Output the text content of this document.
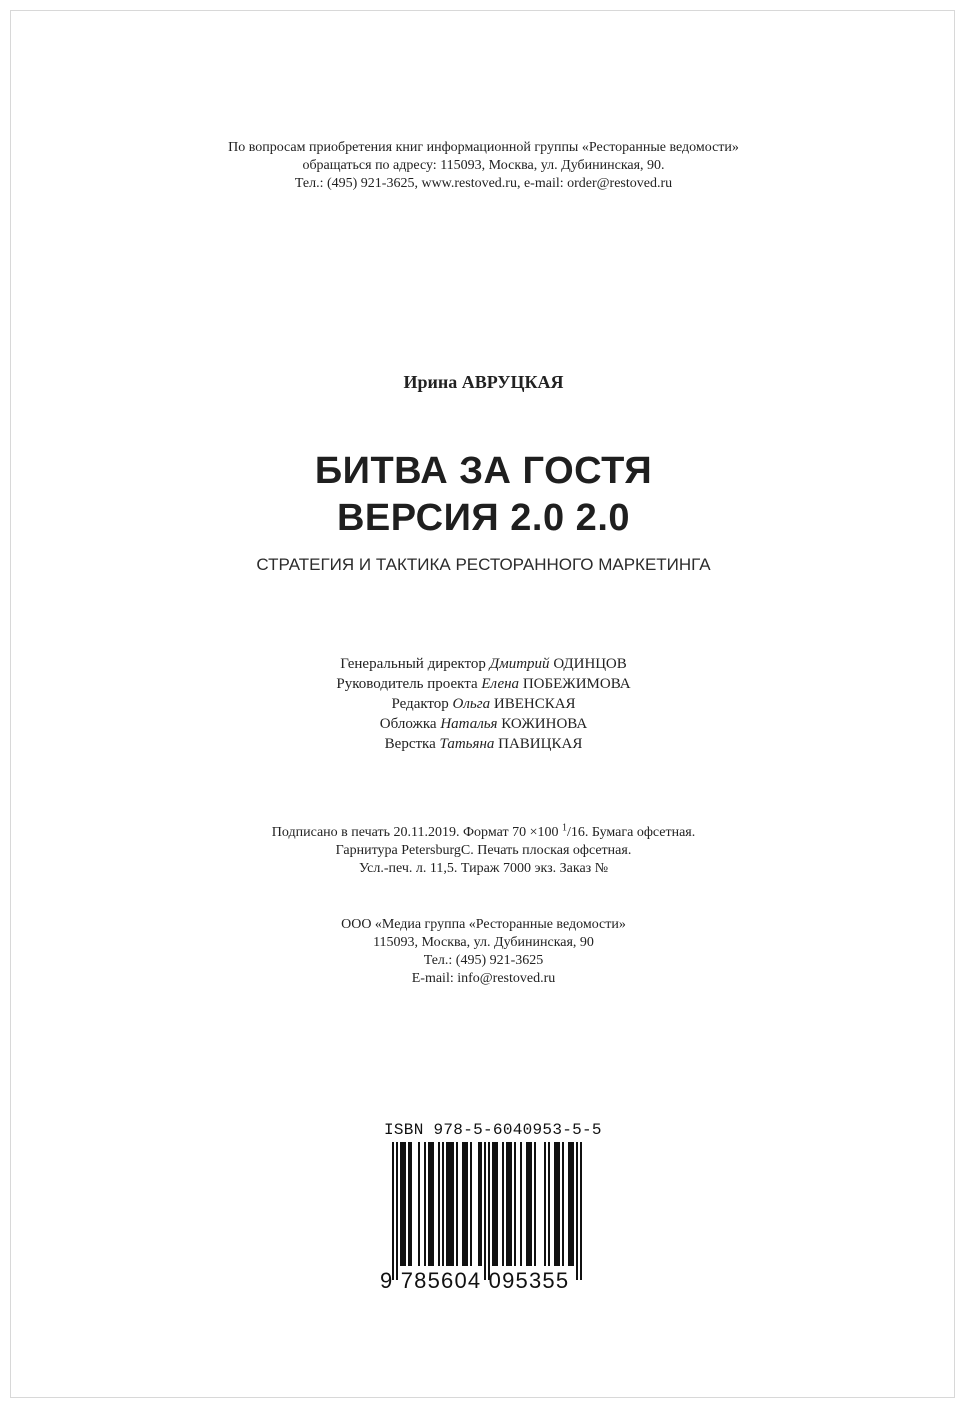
По вопросам приобретения книг информационной группы «Ресторанные ведомости»
обращаться по адресу: 115093, Москва, ул. Дубининская, 90.
Тел.: (495) 921-3625, www.restoved.ru, e-mail: order@restoved.ru
Ирина АВРУЦКАЯ
БИТВА ЗА ГОСТЯ
ВЕРСИЯ 2.0 2.0
СТРАТЕГИЯ И ТАКТИКА РЕСТОРАННОГО МАРКЕТИНГА
Генеральный директор Дмитрий ОДИНЦОВ
Руководитель проекта Елена ПОБЕЖИМОВА
Редактор Ольга ИВЕНСКАЯ
Обложка Наталья КОЖИНОВА
Верстка Татьяна ПАВИЦКАЯ
Подписано в печать 20.11.2019. Формат 70 ×100 $^1$/16. Бумага офсетная.
Гарнитура PetersburgC. Печать плоская офсетная.
Усл.-печ. л. 11,5. Тираж 7000 экз. Заказ №
ООО «Медиа группа «Ресторанные ведомости»
115093, Москва, ул. Дубининская, 90
Тел.: (495) 921-3625
E-mail: info@restoved.ru
ISBN 978-5-6040953-5-5
9 785604 095355
